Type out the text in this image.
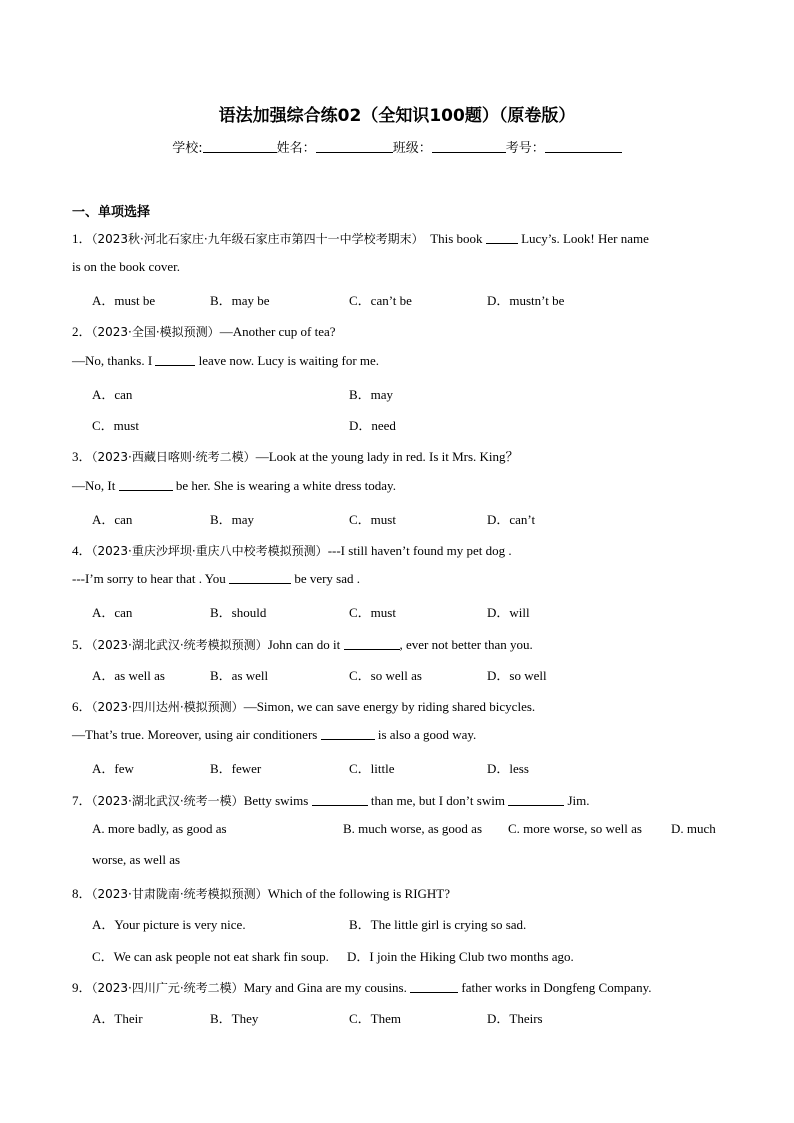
语法加强综合练02（全知识100题）（原卷版）
学校:	姓名：	班级：	考号：
一、单项选择
1．（2023秋·河北石家庄·九年级石家庄市第四十一中学校考期末） This book	Lucy’s. Look! Her name
is on the book cover.
A．must be	B．may be	C．can’t be	D．mustn’t be
2．（2023·全国·模拟预测）—Another cup of tea?
—No, thanks. I	leave now. Lucy is waiting for me.
A．can	B．may
C．must	D．need
3．（2023·西藏日喀则·统考二模）—Look at the young lady in red. Is it Mrs. King？
—No, It	be her. She is wearing a white dress today.
A．can	B．may	C．must	D．can’t
4．（2023·重庆沙坪坝·重庆八中校考模拟预测）---I still haven’t found my pet dog .
---I’m sorry to hear that . You	be very sad .
A．can	B．should	C．must	D．will
5．（2023·湖北武汉·统考模拟预测）John can do it	, ever not better than you.
A．as well as	B．as well	C．so well as	D．so well
6．（2023·四川达州·模拟预测）—Simon, we can save energy by riding shared bicycles.
—That’s true. Moreover, using air conditioners	is also a good way.
A．few	B．fewer	C．little	D．less
7．（2023·湖北武汉·统考一模）Betty swims	than me, but I don’t swim	Jim.
A. more badly, as good as	B. much worse, as good as C. more worse, so well as D. much
worse, as well as
8．（2023·甘肃陇南·统考模拟预测）Which of the following is RIGHT?
A．Your picture is very nice.	B．The little girl is crying so sad.
C．We can ask people not eat shark fin soup. D．I join the Hiking Club two months ago.
9．（2023·四川广元·统考二模）Mary and Gina are my cousins.	father works in Dongfeng Company.
A．Their	B．They	C．Them	D．Theirs
